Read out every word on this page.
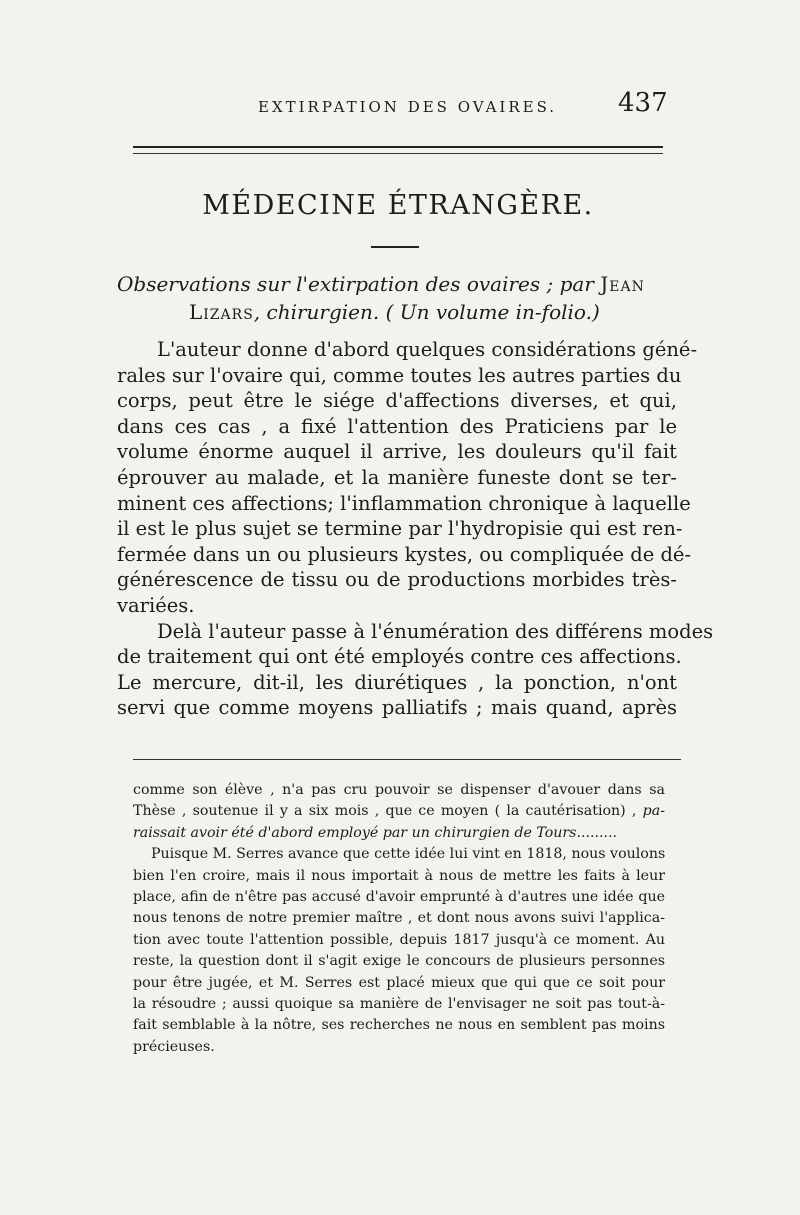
EXTIRPATION DES OVAIRES. 437
MÉDECINE ÉTRANGÈRE.
Observations sur l'extirpation des ovaires ; par Jean
Lizars, chirurgien. ( Un volume in-folio.)
L'auteur donne d'abord quelques considérations géné-
rales sur l'ovaire qui, comme toutes les autres parties du
corps, peut être le siége d'affections diverses, et qui,
dans ces cas , a fixé l'attention des Praticiens par le
volume énorme auquel il arrive, les douleurs qu'il fait
éprouver au malade, et la manière funeste dont se ter-
minent ces affections; l'inflammation chronique à laquelle
il est le plus sujet se termine par l'hydropisie qui est ren-
fermée dans un ou plusieurs kystes, ou compliquée de dé-
générescence de tissu ou de productions morbides très-
variées.
Delà l'auteur passe à l'énumération des différens modes
de traitement qui ont été employés contre ces affections.
Le mercure, dit-il, les diurétiques , la ponction, n'ont
servi que comme moyens palliatifs ; mais quand, après
comme son élève , n'a pas cru pouvoir se dispenser d'avouer dans sa
Thèse , soutenue il y a six mois , que ce moyen ( la cautérisation) , pa-
raissait avoir été d'abord employé par un chirurgien de Tours.........
Puisque M. Serres avance que cette idée lui vint en 1818, nous voulons
bien l'en croire, mais il nous importait à nous de mettre les faits à leur
place, afin de n'être pas accusé d'avoir emprunté à d'autres une idée que
nous tenons de notre premier maître , et dont nous avons suivi l'applica-
tion avec toute l'attention possible, depuis 1817 jusqu'à ce moment. Au
reste, la question dont il s'agit exige le concours de plusieurs personnes
pour être jugée, et M. Serres est placé mieux que qui que ce soit pour
la résoudre ; aussi quoique sa manière de l'envisager ne soit pas tout-à-
fait semblable à la nôtre, ses recherches ne nous en semblent pas moins
précieuses.
